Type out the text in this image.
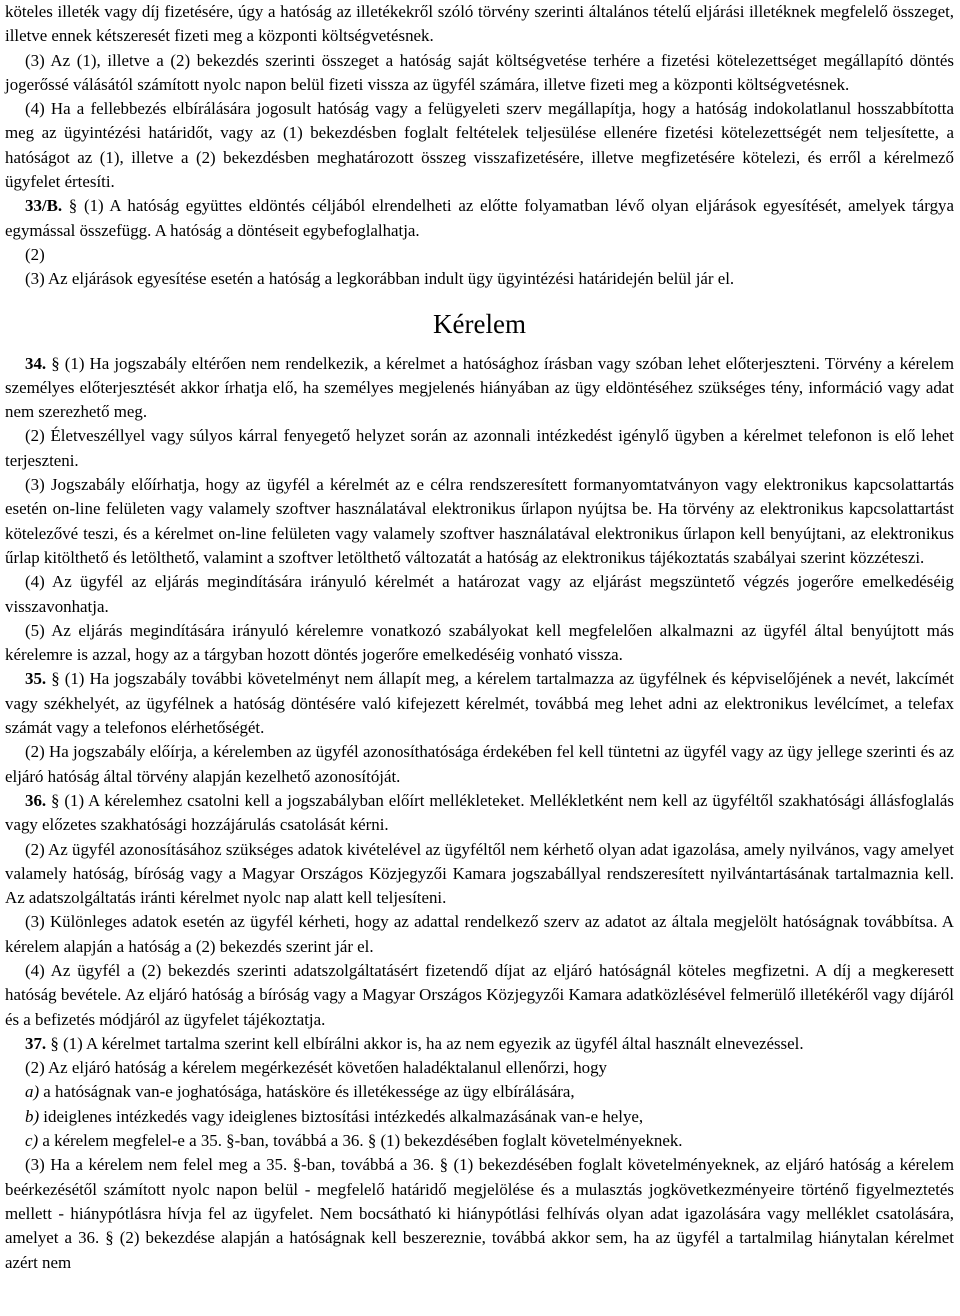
köteles illeték vagy díj fizetésére, úgy a hatóság az illetékekről szóló törvény szerinti általános tételű eljárási illetéknek megfelelő összeget, illetve ennek kétszeresét fizeti meg a központi költségvetésnek.

(3) Az (1), illetve a (2) bekezdés szerinti összeget a hatóság saját költségvetése terhére a fizetési kötelezettséget megállapító döntés jogerőssé válásától számított nyolc napon belül fizeti vissza az ügyfél számára, illetve fizeti meg a központi költségvetésnek.

(4) Ha a fellebbezés elbírálására jogosult hatóság vagy a felügyeleti szerv megállapítja, hogy a hatóság indokolatlanul hosszabbította meg az ügyintézési határidőt, vagy az (1) bekezdésben foglalt feltételek teljesülése ellenére fizetési kötelezettségét nem teljesítette, a hatóságot az (1), illetve a (2) bekezdésben meghatározott összeg visszafizetésére, illetve megfizetésére kötelezi, és erről a kérelmező ügyfelet értesíti.

33/B. § (1) A hatóság együttes eldöntés céljából elrendelheti az előtte folyamatban lévő olyan eljárások egyesítését, amelyek tárgya egymással összefügg. A hatóság a döntéseit egybefoglalhatja.

(2)

(3) Az eljárások egyesítése esetén a hatóság a legkorábban indult ügy ügyintézési határidején belül jár el.

Kérelem

34. § (1) Ha jogszabály eltérően nem rendelkezik, a kérelmet a hatósághoz írásban vagy szóban lehet előterjeszteni. Törvény a kérelem személyes előterjesztését akkor írhatja elő, ha személyes megjelenés hiányában az ügy eldöntéséhez szükséges tény, információ vagy adat nem szerezhető meg.

(2) Életveszéllyel vagy súlyos kárral fenyegető helyzet során az azonnali intézkedést igénylő ügyben a kérelmet telefonon is elő lehet terjeszteni.

(3) Jogszabály előírhatja, hogy az ügyfél a kérelmét az e célra rendszeresített formanyomtatványon vagy elektronikus kapcsolattartás esetén on-line felületen vagy valamely szoftver használatával elektronikus űrlapon nyújtsa be. Ha törvény az elektronikus kapcsolattartást kötelezővé teszi, és a kérelmet on-line felületen vagy valamely szoftver használatával elektronikus űrlapon kell benyújtani, az elektronikus űrlap kitölthető és letölthető, valamint a szoftver letölthető változatát a hatóság az elektronikus tájékoztatás szabályai szerint közzéteszi.

(4) Az ügyfél az eljárás megindítására irányuló kérelmét a határozat vagy az eljárást megszüntető végzés jogerőre emelkedéséig visszavonhatja.

(5) Az eljárás megindítására irányuló kérelemre vonatkozó szabályokat kell megfelelően alkalmazni az ügyfél által benyújtott más kérelemre is azzal, hogy az a tárgyban hozott döntés jogerőre emelkedéséig vonható vissza.

35. § (1) Ha jogszabály további követelményt nem állapít meg, a kérelem tartalmazza az ügyfélnek és képviselőjének a nevét, lakcímét vagy székhelyét, az ügyfélnek a hatóság döntésére való kifejezett kérelmét, továbbá meg lehet adni az elektronikus levélcímet, a telefax számát vagy a telefonos elérhetőségét.

(2) Ha jogszabály előírja, a kérelemben az ügyfél azonosíthatósága érdekében fel kell tüntetni az ügyfél vagy az ügy jellege szerinti és az eljáró hatóság által törvény alapján kezelhető azonosítóját.

36. § (1) A kérelemhez csatolni kell a jogszabályban előírt mellékleteket. Mellékletként nem kell az ügyféltől szakhatósági állásfoglalás vagy előzetes szakhatósági hozzájárulás csatolását kérni.

(2) Az ügyfél azonosításához szükséges adatok kivételével az ügyféltől nem kérhető olyan adat igazolása, amely nyilvános, vagy amelyet valamely hatóság, bíróság vagy a Magyar Országos Közjegyzői Kamara jogszabállyal rendszeresített nyilvántartásának tartalmaznia kell. Az adatszolgáltatás iránti kérelmet nyolc nap alatt kell teljesíteni.

(3) Különleges adatok esetén az ügyfél kérheti, hogy az adattal rendelkező szerv az adatot az általa megjelölt hatóságnak továbbítsa. A kérelem alapján a hatóság a (2) bekezdés szerint jár el.

(4) Az ügyfél a (2) bekezdés szerinti adatszolgáltatásért fizetendő díjat az eljáró hatóságnál köteles megfizetni. A díj a megkeresett hatóság bevétele. Az eljáró hatóság a bíróság vagy a Magyar Országos Közjegyzői Kamara adatközlésével felmerülő illetékéről vagy díjáról és a befizetés módjáról az ügyfelet tájékoztatja.

37. § (1) A kérelmet tartalma szerint kell elbírálni akkor is, ha az nem egyezik az ügyfél által használt elnevezéssel.

(2) Az eljáró hatóság a kérelem megérkezését követően haladéktalanul ellenőrzi, hogy

a) a hatóságnak van-e joghatósága, hatásköre és illetékessége az ügy elbírálására,

b) ideiglenes intézkedés vagy ideiglenes biztosítási intézkedés alkalmazásának van-e helye,

c) a kérelem megfelel-e a 35. §-ban, továbbá a 36. § (1) bekezdésében foglalt követelményeknek.

(3) Ha a kérelem nem felel meg a 35. §-ban, továbbá a 36. § (1) bekezdésében foglalt követelményeknek, az eljáró hatóság a kérelem beérkezésétől számított nyolc napon belül - megfelelő határidő megjelölése és a mulasztás jogkövetkezményeire történő figyelmeztetés mellett - hiánypótlásra hívja fel az ügyfelet. Nem bocsátható ki hiánypótlási felhívás olyan adat igazolására vagy melléklet csatolására, amelyet a 36. § (2) bekezdése alapján a hatóságnak kell beszereznie, továbbá akkor sem, ha az ügyfél a tartalmilag hiánytalan kérelmet azért nem
